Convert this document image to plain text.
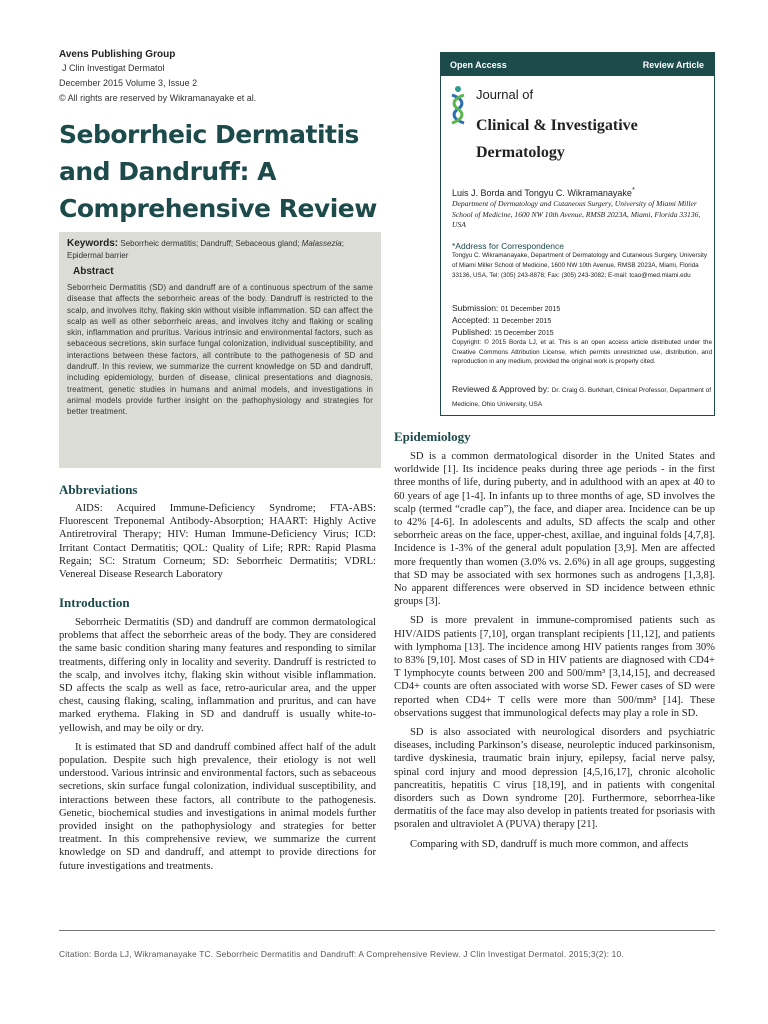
Avens Publishing Group
J Clin Investigat Dermatol
December 2015 Volume 3, Issue 2
© All rights are reserved by Wikramanayake et al.
Seborrheic Dermatitis and Dandruff: A Comprehensive Review
Keywords: Seborrheic dermatitis; Dandruff; Sebaceous gland; Malassezia; Epidermal barrier
Abstract
Seborrheic Dermatitis (SD) and dandruff are of a continuous spectrum of the same disease that affects the seborrheic areas of the body. Dandruff is restricted to the scalp, and involves itchy, flaking skin without visible inflammation. SD can affect the scalp as well as other seborrheic areas, and involves itchy and flaking or scaling skin, inflammation and pruritus. Various intrinsic and environmental factors, such as sebaceous secretions, skin surface fungal colonization, individual susceptibility, and interactions between these factors, all contribute to the pathogenesis of SD and dandruff. In this review, we summarize the current knowledge on SD and dandruff, including epidemiology, burden of disease, clinical presentations and diagnosis, treatment, genetic studies in humans and animal models, and investigations in animal models provide further insight on the pathophysiology and strategies for better treatment.
Abbreviations

AIDS: Acquired Immune-Deficiency Syndrome; FTA-ABS: Fluorescent Treponemal Antibody-Absorption; HAART: Highly Active Antiretroviral Therapy; HIV: Human Immune-Deficiency Virus; ICD: Irritant Contact Dermatitis; QOL: Quality of Life; RPR: Rapid Plasma Regain; SC: Stratum Corneum; SD: Seborrheic Dermatitis; VDRL: Venereal Disease Research Laboratory

Introduction

Seborrheic Dermatitis (SD) and dandruff are common dermatological problems that affect the seborrheic areas of the body. They are considered the same basic condition sharing many features and responding to similar treatments, differing only in locality and severity. Dandruff is restricted to the scalp, and involves itchy, flaking skin without visible inflammation. SD affects the scalp as well as face, retro-auricular area, and the upper chest, causing flaking, scaling, inflammation and pruritus, and can have marked erythema. Flaking in SD and dandruff is usually white-to-yellowish, and may be oily or dry.

It is estimated that SD and dandruff combined affect half of the adult population. Despite such high prevalence, their etiology is not well understood. Various intrinsic and environmental factors, such as sebaceous secretions, skin surface fungal colonization, individual susceptibility, and interactions between these factors, all contribute to the pathogenesis. Genetic, biochemical studies and investigations in animal models further provided insight on the pathophysiology and strategies for better treatment. In this comprehensive review, we summarize the current knowledge on SD and dandruff, and attempt to provide directions for future investigations and treatments.

Open Access	Review Article
Journal of
Clinical & Investigative Dermatology
Luis J. Borda and Tongyu C. Wikramanayake*
Department of Dermatology and Cutaneous Surgery, University of Miami Miller School of Medicine, 1600 NW 10th Avenue, RMSB 2023A, Miami, Florida 33136, USA
*Address for Correspondence
Tongyu C. Wikramanayake, Department of Dermatology and Cutaneous Surgery, University of Miami Miller School of Medicine, 1600 NW 10th Avenue, RMSB 2023A, Miami, Florida 33136, USA, Tel: (305) 243-8878; Fax: (305) 243-3082; E-mail: tcao@med.miami.edu
Submission: 01 December 2015
Accepted: 11 December 2015
Published: 15 December 2015
Copyright: © 2015 Borda LJ, et al. This is an open access article distributed under the Creative Commons Attribution License, which permits unrestricted use, distribution, and reproduction in any medium, provided the original work is properly cited.
Reviewed & Approved by: Dr. Craig G. Burkhart, Clinical Professor, Department of Medicine, Ohio University, USA
Epidemiology

SD is a common dermatological disorder in the United States and worldwide [1]. Its incidence peaks during three age periods - in the first three months of life, during puberty, and in adulthood with an apex at 40 to 60 years of age [1-4]. In infants up to three months of age, SD involves the scalp (termed “cradle cap”), the face, and diaper area. Incidence can be up to 42% [4-6]. In adolescents and adults, SD affects the scalp and other seborrheic areas on the face, upper-chest, axillae, and inguinal folds [4,7,8]. Incidence is 1-3% of the general adult population [3,9]. Men are affected more frequently than women (3.0% vs. 2.6%) in all age groups, suggesting that SD may be associated with sex hormones such as androgens [1,3,8]. No apparent differences were observed in SD incidence between ethnic groups [3].

SD is more prevalent in immune-compromised patients such as HIV/AIDS patients [7,10], organ transplant recipients [11,12], and patients with lymphoma [13]. The incidence among HIV patients ranges from 30% to 83% [9,10]. Most cases of SD in HIV patients are diagnosed with CD4+ T lymphocyte counts between 200 and 500/mm³ [3,14,15], and decreased CD4+ counts are often associated with worse SD. Fewer cases of SD were reported when CD4+ T cells were more than 500/mm³ [14]. These observations suggest that immunological defects may play a role in SD.

SD is also associated with neurological disorders and psychiatric diseases, including Parkinson’s disease, neuroleptic induced parkinsonism, tardive dyskinesia, traumatic brain injury, epilepsy, facial nerve palsy, spinal cord injury and mood depression [4,5,16,17], chronic alcoholic pancreatitis, hepatitis C virus [18,19], and in patients with congenital disorders such as Down syndrome [20]. Furthermore, seborrhea-like dermatitis of the face may also develop in patients treated for psoriasis with psoralen and ultraviolet A (PUVA) therapy [21].

Comparing with SD, dandruff is much more common, and affects

Citation: Borda LJ, Wikramanayake TC. Seborrheic Dermatitis and Dandruff: A Comprehensive Review. J Clin Investigat Dermatol. 2015;3(2): 10.
